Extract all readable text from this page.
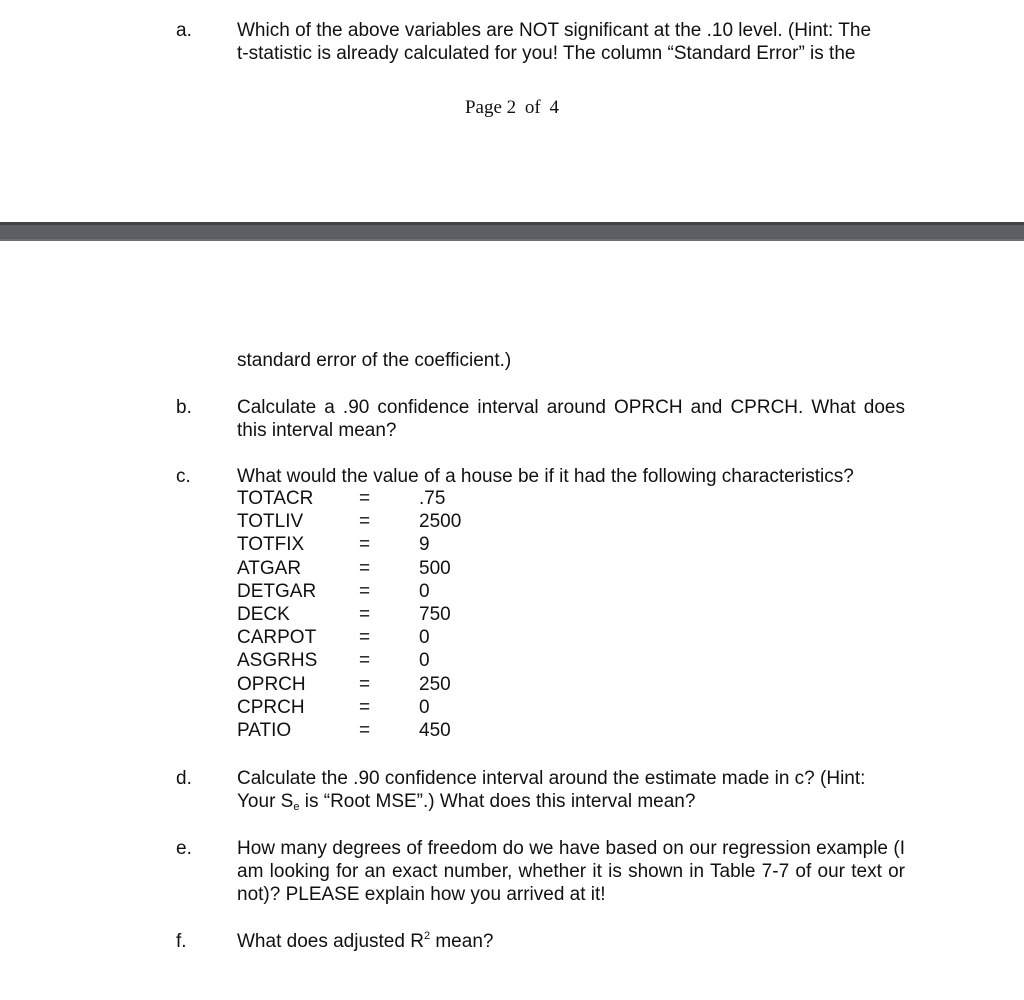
a. Which of the above variables are NOT significant at the .10 level. (Hint: The
t-statistic is already calculated for you! The column “Standard Error” is the
Page 2 of 4
standard error of the coefficient.)
b. Calculate a .90 confidence interval around OPRCH and CPRCH. What does this interval mean?
c. What would the value of a house be if it had the following characteristics?
TOTACR =	.75
TOTLIV	=	2500
TOTFIX	=	9
ATGAR	=	500
DETGAR =	0
DECK	=	750
CARPOT =	0
ASGRHS =	0
OPRCH	=	250
CPRCH	=	0
PATIO	=	450
d. Calculate the .90 confidence interval around the estimate made in c? (Hint:
Your $S_e$ is “Root MSE”.) What does this interval mean?
e. How many degrees of freedom do we have based on our regression example (I am looking for an exact number, whether it is shown in Table 7-7 of our text or not)? PLEASE explain how you arrived at it!
f.	What does adjusted $R^2$ mean?
